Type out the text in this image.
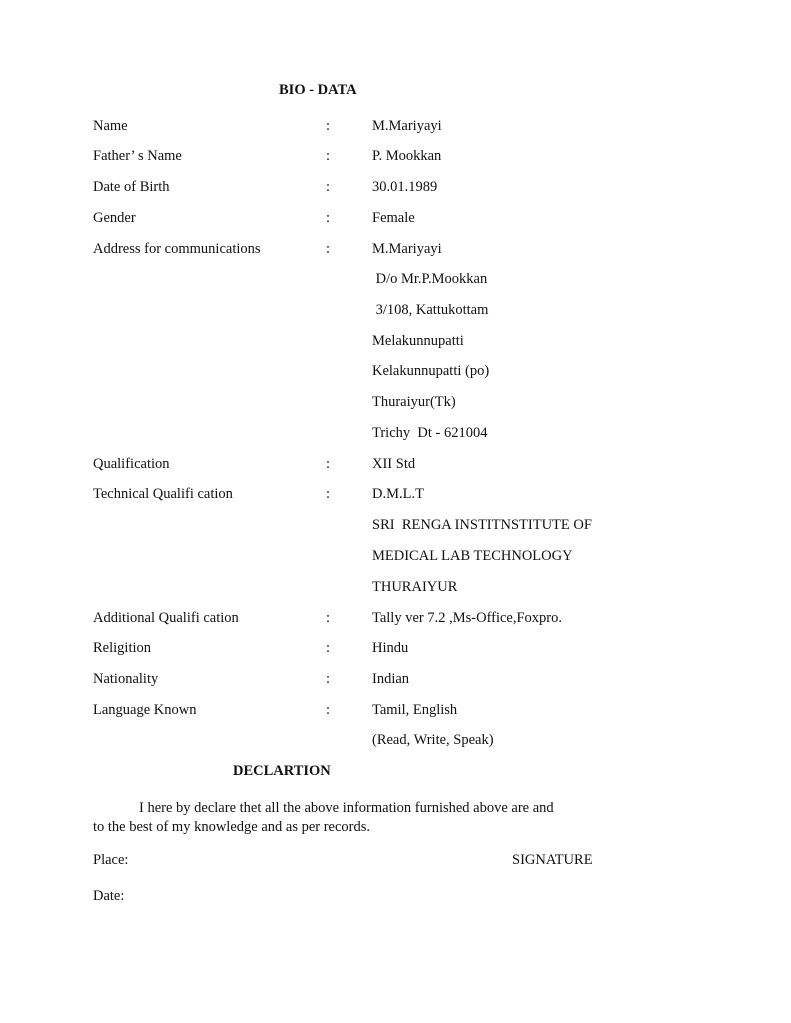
BIO - DATA
Name	:	M.Mariyayi
Father’ s Name	:	P. Mookkan
Date of Birth	:	30.01.1989
Gender	:	Female
Address for communications	:	M.Mariyayi
D/o Mr.P.Mookkan
3/108, Kattukottam
Melakunnupatti
Kelakunnupatti (po)
Thuraiyur(Tk)
Trichy  Dt - 621004
Qualification	:	XII Std
Technical Qualifi cation	:	D.M.L.T
SRI  RENGA INSTITNSTITUTE OF
MEDICAL LAB TECHNOLOGY
THURAIYUR
Additional Qualifi cation	:	Tally ver 7.2 ,Ms-Office,Foxpro.
Religition	:	Hindu
Nationality	:	Indian
Language Known	:	Tamil, English
(Read, Write, Speak)
DECLARTION
I here by declare thet all the above information furnished above are and
to the best of my knowledge and as per records.
Place:	SIGNATURE
Date:
